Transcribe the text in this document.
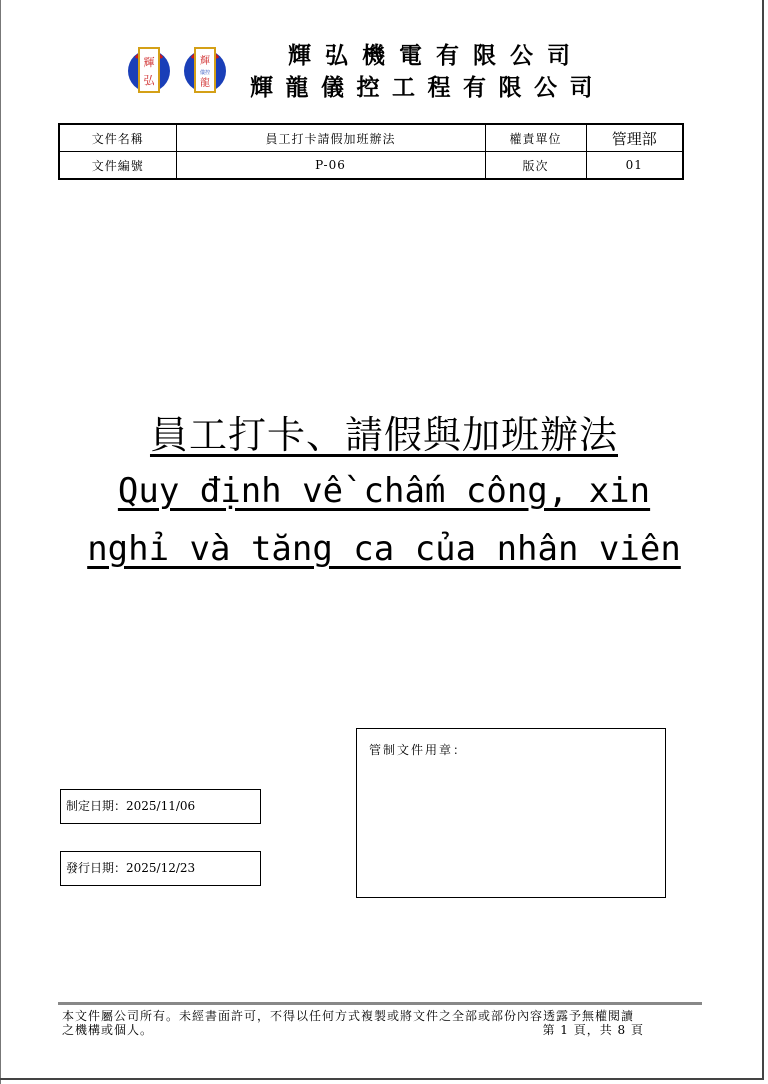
輝
弘
輝
儀控
龍
輝弘機電有限公司
輝龍儀控工程有限公司
文件名稱	員工打卡請假加班辦法	權責單位	管理部
文件編號	P-06	版次	01
員工打卡、請假與加班辦法
Quy định về chấm công, xin
nghỉ và tăng ca của nhân viên
管制文件用章：
制定日期：2025/11/06
發行日期：2025/12/23
本文件屬公司所有。未經書面許可，不得以任何方式複製或將文件之全部或部份內容透露予無權閱讀
之機構或個人。	第 1 頁，共 8 頁
